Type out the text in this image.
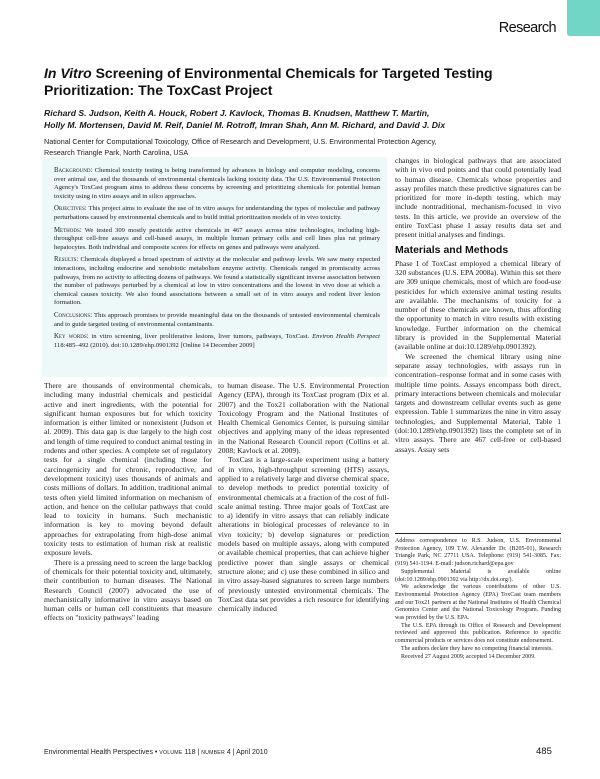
Research
In Vitro Screening of Environmental Chemicals for Targeted Testing Prioritization: The ToxCast Project
Richard S. Judson, Keith A. Houck, Robert J. Kavlock, Thomas B. Knudsen, Matthew T. Martin,
Holly M. Mortensen, David M. Reif, Daniel M. Rotroff, Imran Shah, Ann M. Richard, and David J. Dix
National Center for Computational Toxicology, Office of Research and Development, U.S. Environmental Protection Agency,
Research Triangle Park, North Carolina, USA

Background: Chemical toxicity testing is being transformed by advances in biology and computer modeling, concerns over animal use, and the thousands of environmental chemicals lacking toxicity data. The U.S. Environmental Protection Agency's ToxCast program aims to address these concerns by screening and prioritizing chemicals for potential human toxicity using in vitro assays and in silico approaches.

Objectives: This project aims to evaluate the use of in vitro assays for understanding the types of molecular and pathway perturbations caused by environmental chemicals and to build initial prioritization models of in vivo toxicity.

Methods: We tested 309 mostly pesticide active chemicals in 467 assays across nine technologies, including high-throughput cell-free assays and cell-based assays, in multiple human primary cells and cell lines plus rat primary hepatocytes. Both individual and composite scores for effects on genes and pathways were analyzed.

Results: Chemicals displayed a broad spectrum of activity at the molecular and pathway levels. We saw many expected interactions, including endocrine and xenobiotic metabolism enzyme activity. Chemicals ranged in promiscuity across pathways, from no activity to affecting dozens of pathways. We found a statistically significant inverse association between the number of pathways perturbed by a chemical at low in vitro concentrations and the lowest in vivo dose at which a chemical causes toxicity. We also found associations between a small set of in vitro assays and rodent liver lesion formation.

Conclusions: This approach promises to provide meaningful data on the thousands of untested environmental chemicals and to guide targeted testing of environmental contaminants.

Key words: in vitro screening, liver proliferative lesions, liver tumors, pathways, ToxCast. Environ Health Perspect 118:485–492 (2010). doi:10.1289/ehp.0901392 [Online 14 December 2009]

There are thousands of environmental chemicals, including many industrial chemicals and pesticidal active and inert ingredients, with the potential for significant human exposures but for which toxicity information is either limited or nonexistent (Judson et al. 2009). This data gap is due largely to the high cost and length of time required to conduct animal testing in rodents and other species. A complete set of regulatory tests for a single chemical (including those for carcinogenicity and for chronic, reproductive, and development toxicity) uses thousands of animals and costs millions of dollars. In addition, traditional animal tests often yield limited information on mechanism of action, and hence on the cellular pathways that could lead to toxicity in humans. Such mechanistic information is key to moving beyond default approaches for extrapolating from high-dose animal toxicity tests to estimation of human risk at realistic exposure levels.

There is a pressing need to screen the large backlog of chemicals for their potential toxicity and, ultimately, their contribution to human diseases. The National Research Council (2007) advocated the use of mechanistically informative in vitro assays based on human cells or human cell constituents that measure effects on "toxicity pathways" leading

to human disease. The U.S. Environmental Protection Agency (EPA), through its ToxCast program (Dix et al. 2007) and the Tox21 collaboration with the National Toxicology Program and the National Institutes of Health Chemical Genomics Center, is pursuing similar objectives and applying many of the ideas represented in the National Research Council report (Collins et al. 2008; Kavlock et al. 2009).

ToxCast is a large-scale experiment using a battery of in vitro, high-throughput screening (HTS) assays, applied to a relatively large and diverse chemical space, to develop methods to predict potential toxicity of environmental chemicals at a fraction of the cost of full-scale animal testing. Three major goals of ToxCast are to a) identify in vitro assays that can reliably indicate alterations in biological processes of relevance to in vivo toxicity; b) develop signatures or prediction models based on multiple assays, along with computed or available chemical properties, that can achieve higher predictive power than single assays or chemical structure alone; and c) use these combined in silico and in vitro assay-based signatures to screen large numbers of previously untested environmental chemicals. The ToxCast data set provides a rich resource for identifying chemically induced

changes in biological pathways that are associated with in vivo end points and that could potentially lead to human disease. Chemicals whose properties and assay profiles match these predictive signatures can be prioritized for more in-depth testing, which may include nontraditional, mechanism-focused in vivo tests. In this article, we provide an overview of the entire ToxCast phase I assay results data set and present initial analyses and findings.

Materials and Methods

Phase I of ToxCast employed a chemical library of 320 substances (U.S. EPA 2008a). Within this set there are 309 unique chemicals, most of which are food-use pesticides for which extensive animal testing results are available. The mechanisms of toxicity for a number of these chemicals are known, thus affording the opportunity to match in vitro results with existing knowledge. Further information on the chemical library is provided in the Supplemental Material (available online at doi:10.1289/ehp.0901392).

We screened the chemical library using nine separate assay technologies, with assays run in concentration–response format and in some cases with multiple time points. Assays encompass both direct, primary interactions between chemicals and molecular targets and downstream cellular events such as gene expression. Table 1 summarizes the nine in vitro assay technologies, and Supplemental Material, Table 1 (doi:10.1289/ehp.0901392) lists the complete set of in vitro assays. There are 467 cell-free or cell-based assays. Assay sets

Address correspondence to R.S. Judson, U.S. Environmental Protection Agency, 109 T.W. Alexander Dr. (B205-01), Research Triangle Park, NC 27711 USA. Telephone: (919) 541-3085. Fax: (919) 541-1194. E-mail: judson.richard@epa.gov

Supplemental Material is available online (doi:10.1289/ehp.0901392 via http://dx.doi.org/).

We acknowledge the various contributions of other U.S. Environmental Protection Agency (EPA) ToxCast team members and our Tox21 partners at the National Institutes of Health Chemical Genomics Center and the National Toxicology Program. Funding was provided by the U.S. EPA.

The U.S. EPA through its Office of Research and Development reviewed and approved this publication. Reference to specific commercial products or services does not constitute endorsement.

The authors declare they have no competing financial interests.

Received 27 August 2009; accepted 14 December 2009.

Environmental Health Perspectives • VOLUME 118 | NUMBER 4 | April 2010	485
